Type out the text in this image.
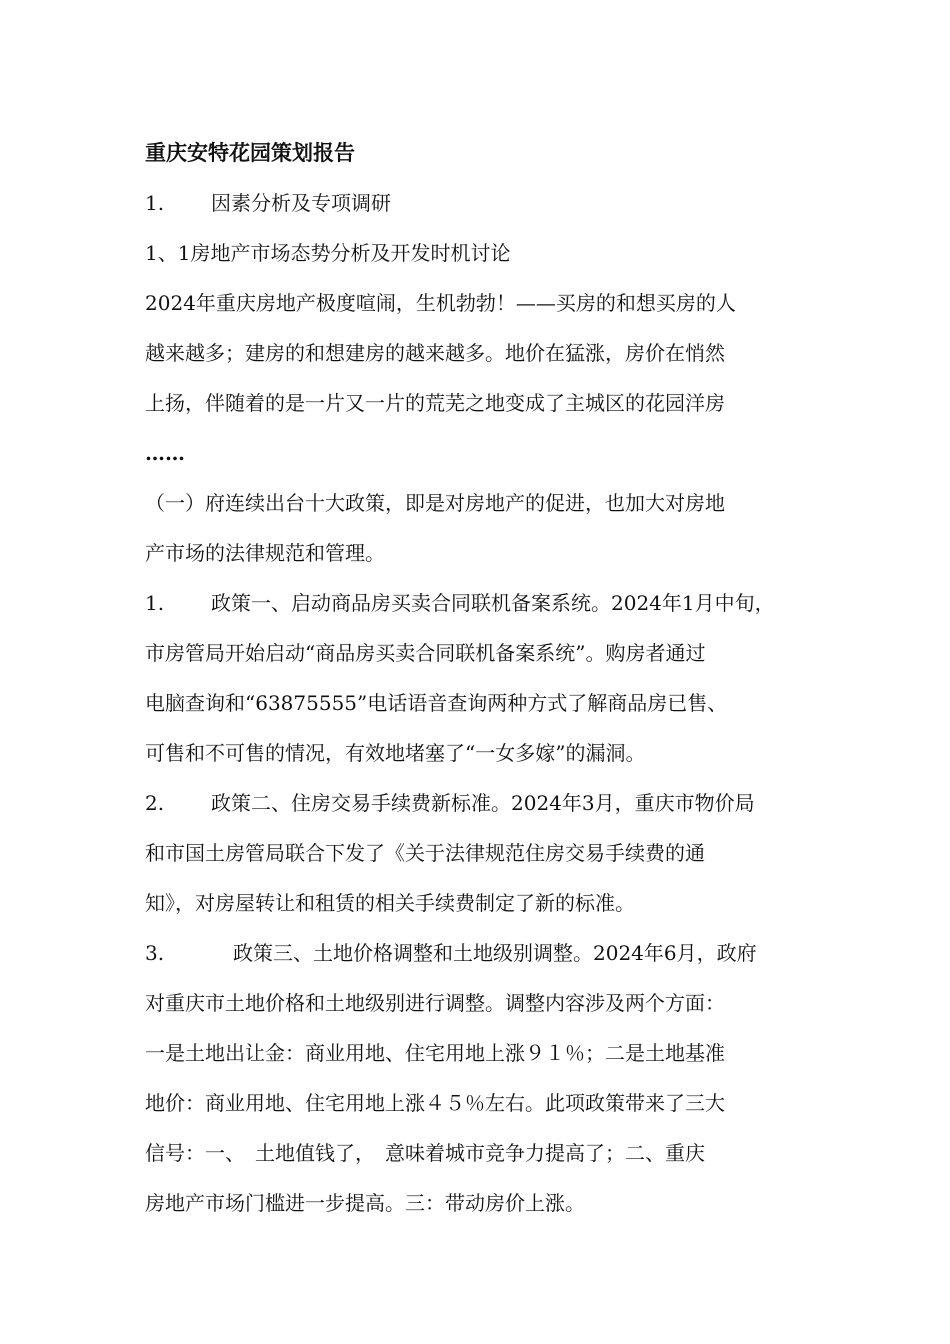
重庆安特花园策划报告
1. 因素分析及专项调研
1、1房地产市场态势分析及开发时机讨论
2024年重庆房地产极度喧闹，生机勃勃！——买房的和想买房的人
越来越多；建房的和想建房的越来越多。地价在猛涨，房价在悄然
上扬，伴随着的是一片又一片的荒芜之地变成了主城区的花园洋房
……
（一）府连续出台十大政策，即是对房地产的促进，也加大对房地
产市场的法律规范和管理。
1. 政策一、启动商品房买卖合同联机备案系统。2024年1月中旬，
市房管局开始启动“商品房买卖合同联机备案系统”。购房者通过
电脑查询和“63875555”电话语音查询两种方式了解商品房已售、
可售和不可售的情况，有效地堵塞了“一女多嫁”的漏洞。
2. 政策二、住房交易手续费新标准。2024年3月，重庆市物价局
和市国土房管局联合下发了《关于法律规范住房交易手续费的通
知》，对房屋转让和租赁的相关手续费制定了新的标准。
3.	政策三、土地价格调整和土地级别调整。2024年6月，政府
对重庆市土地价格和土地级别进行调整。调整内容涉及两个方面：
一是土地出让金：商业用地、住宅用地上涨９１％；二是土地基准
地价：商业用地、住宅用地上涨４５％左右。此项政策带来了三大
信号：一、　土地值钱了，　意味着城市竞争力提高了；二、重庆
房地产市场门槛进一步提高。三：带动房价上涨。
